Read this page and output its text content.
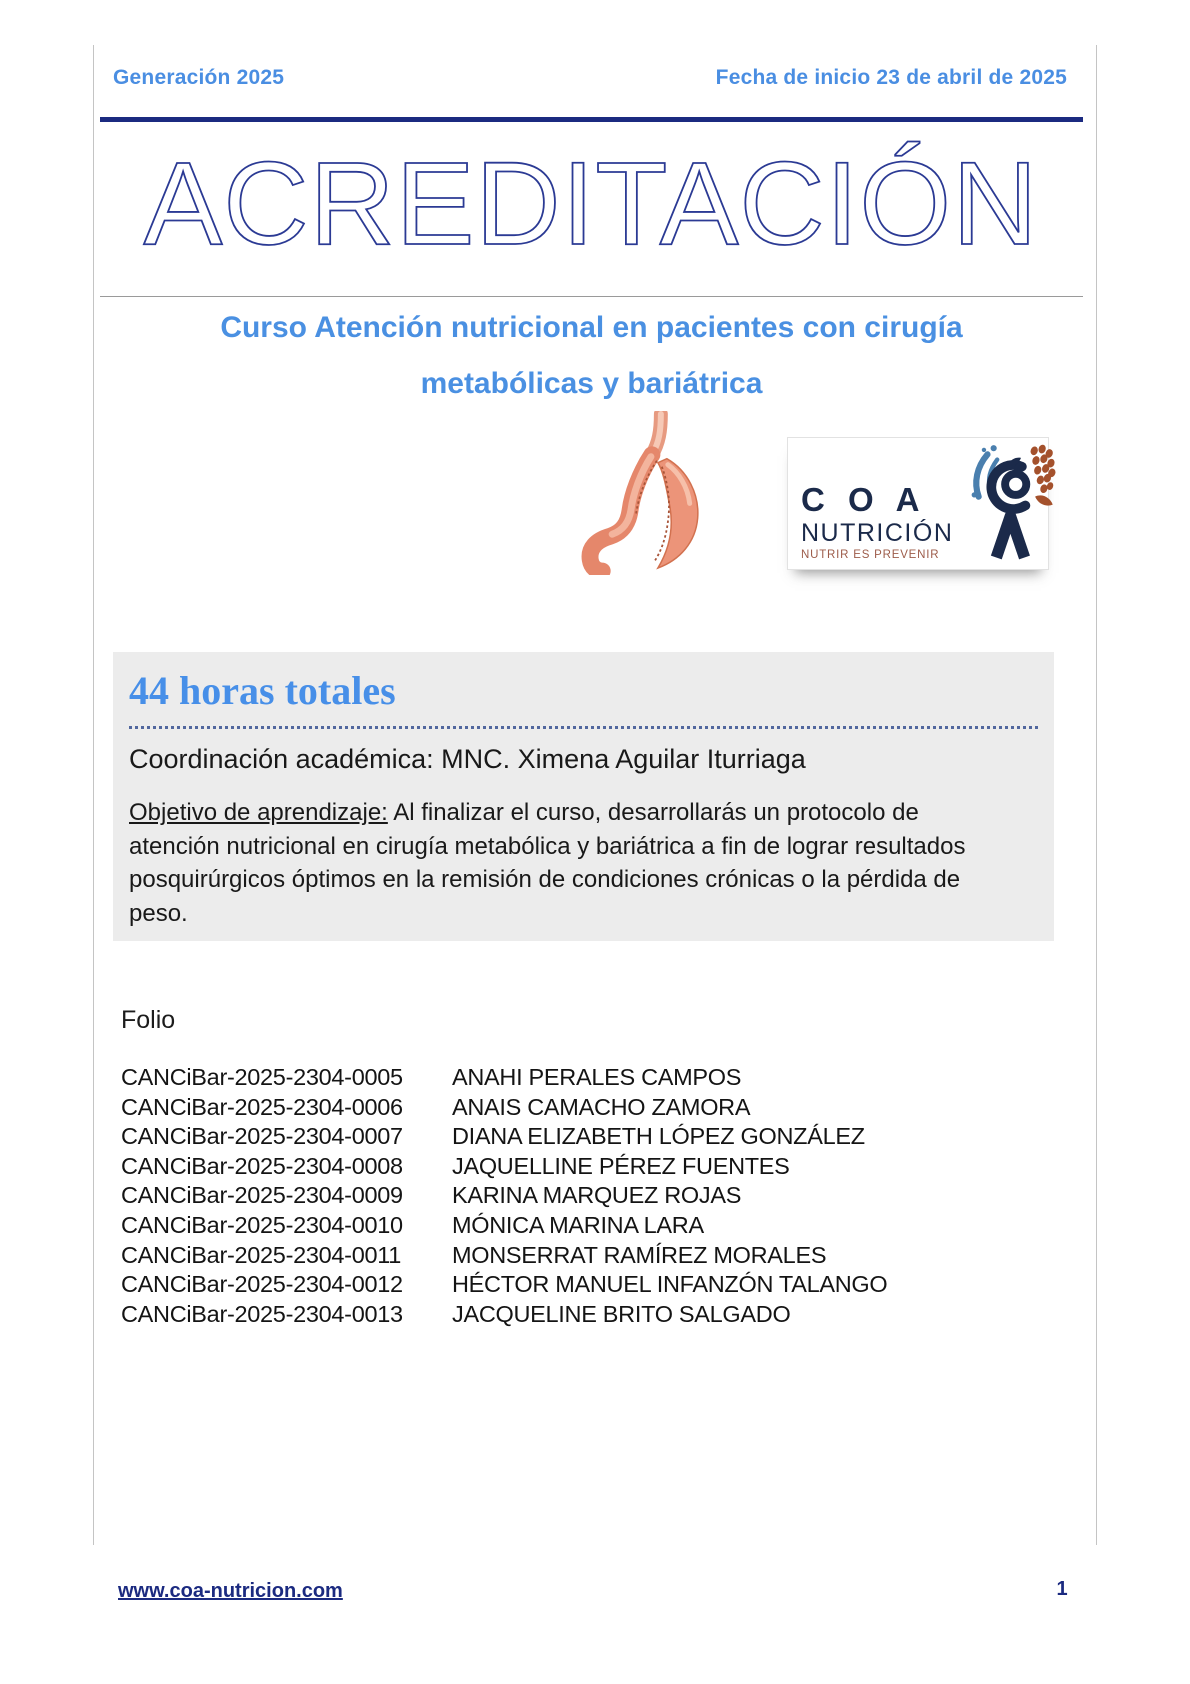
Generación 2025	Fecha de inicio 23 de abril de 2025
ACREDITACIÓN
Curso Atención nutricional en pacientes con cirugía
metabólicas y bariátrica
C O A
NUTRICIÓN
NUTRIR ES PREVENIR
44 horas totales
Coordinación académica: MNC. Ximena Aguilar Iturriaga
Objetivo de aprendizaje: Al finalizar el curso, desarrollarás un protocolo de atención nutricional en cirugía metabólica y bariátrica a fin de lograr resultados posquirúrgicos óptimos en la remisión de condiciones crónicas o la pérdida de peso.
Folio
CANCiBar-2025-2304-0005	ANAHI PERALES CAMPOS
CANCiBar-2025-2304-0006	ANAIS CAMACHO ZAMORA
CANCiBar-2025-2304-0007	DIANA ELIZABETH LÓPEZ GONZÁLEZ
CANCiBar-2025-2304-0008	JAQUELLINE PÉREZ FUENTES
CANCiBar-2025-2304-0009	KARINA MARQUEZ ROJAS
CANCiBar-2025-2304-0010	MÓNICA MARINA LARA
CANCiBar-2025-2304-0011	MONSERRAT RAMÍREZ MORALES
CANCiBar-2025-2304-0012	HÉCTOR MANUEL INFANZÓN TALANGO
CANCiBar-2025-2304-0013	JACQUELINE BRITO SALGADO
www.coa-nutricion.com	1
